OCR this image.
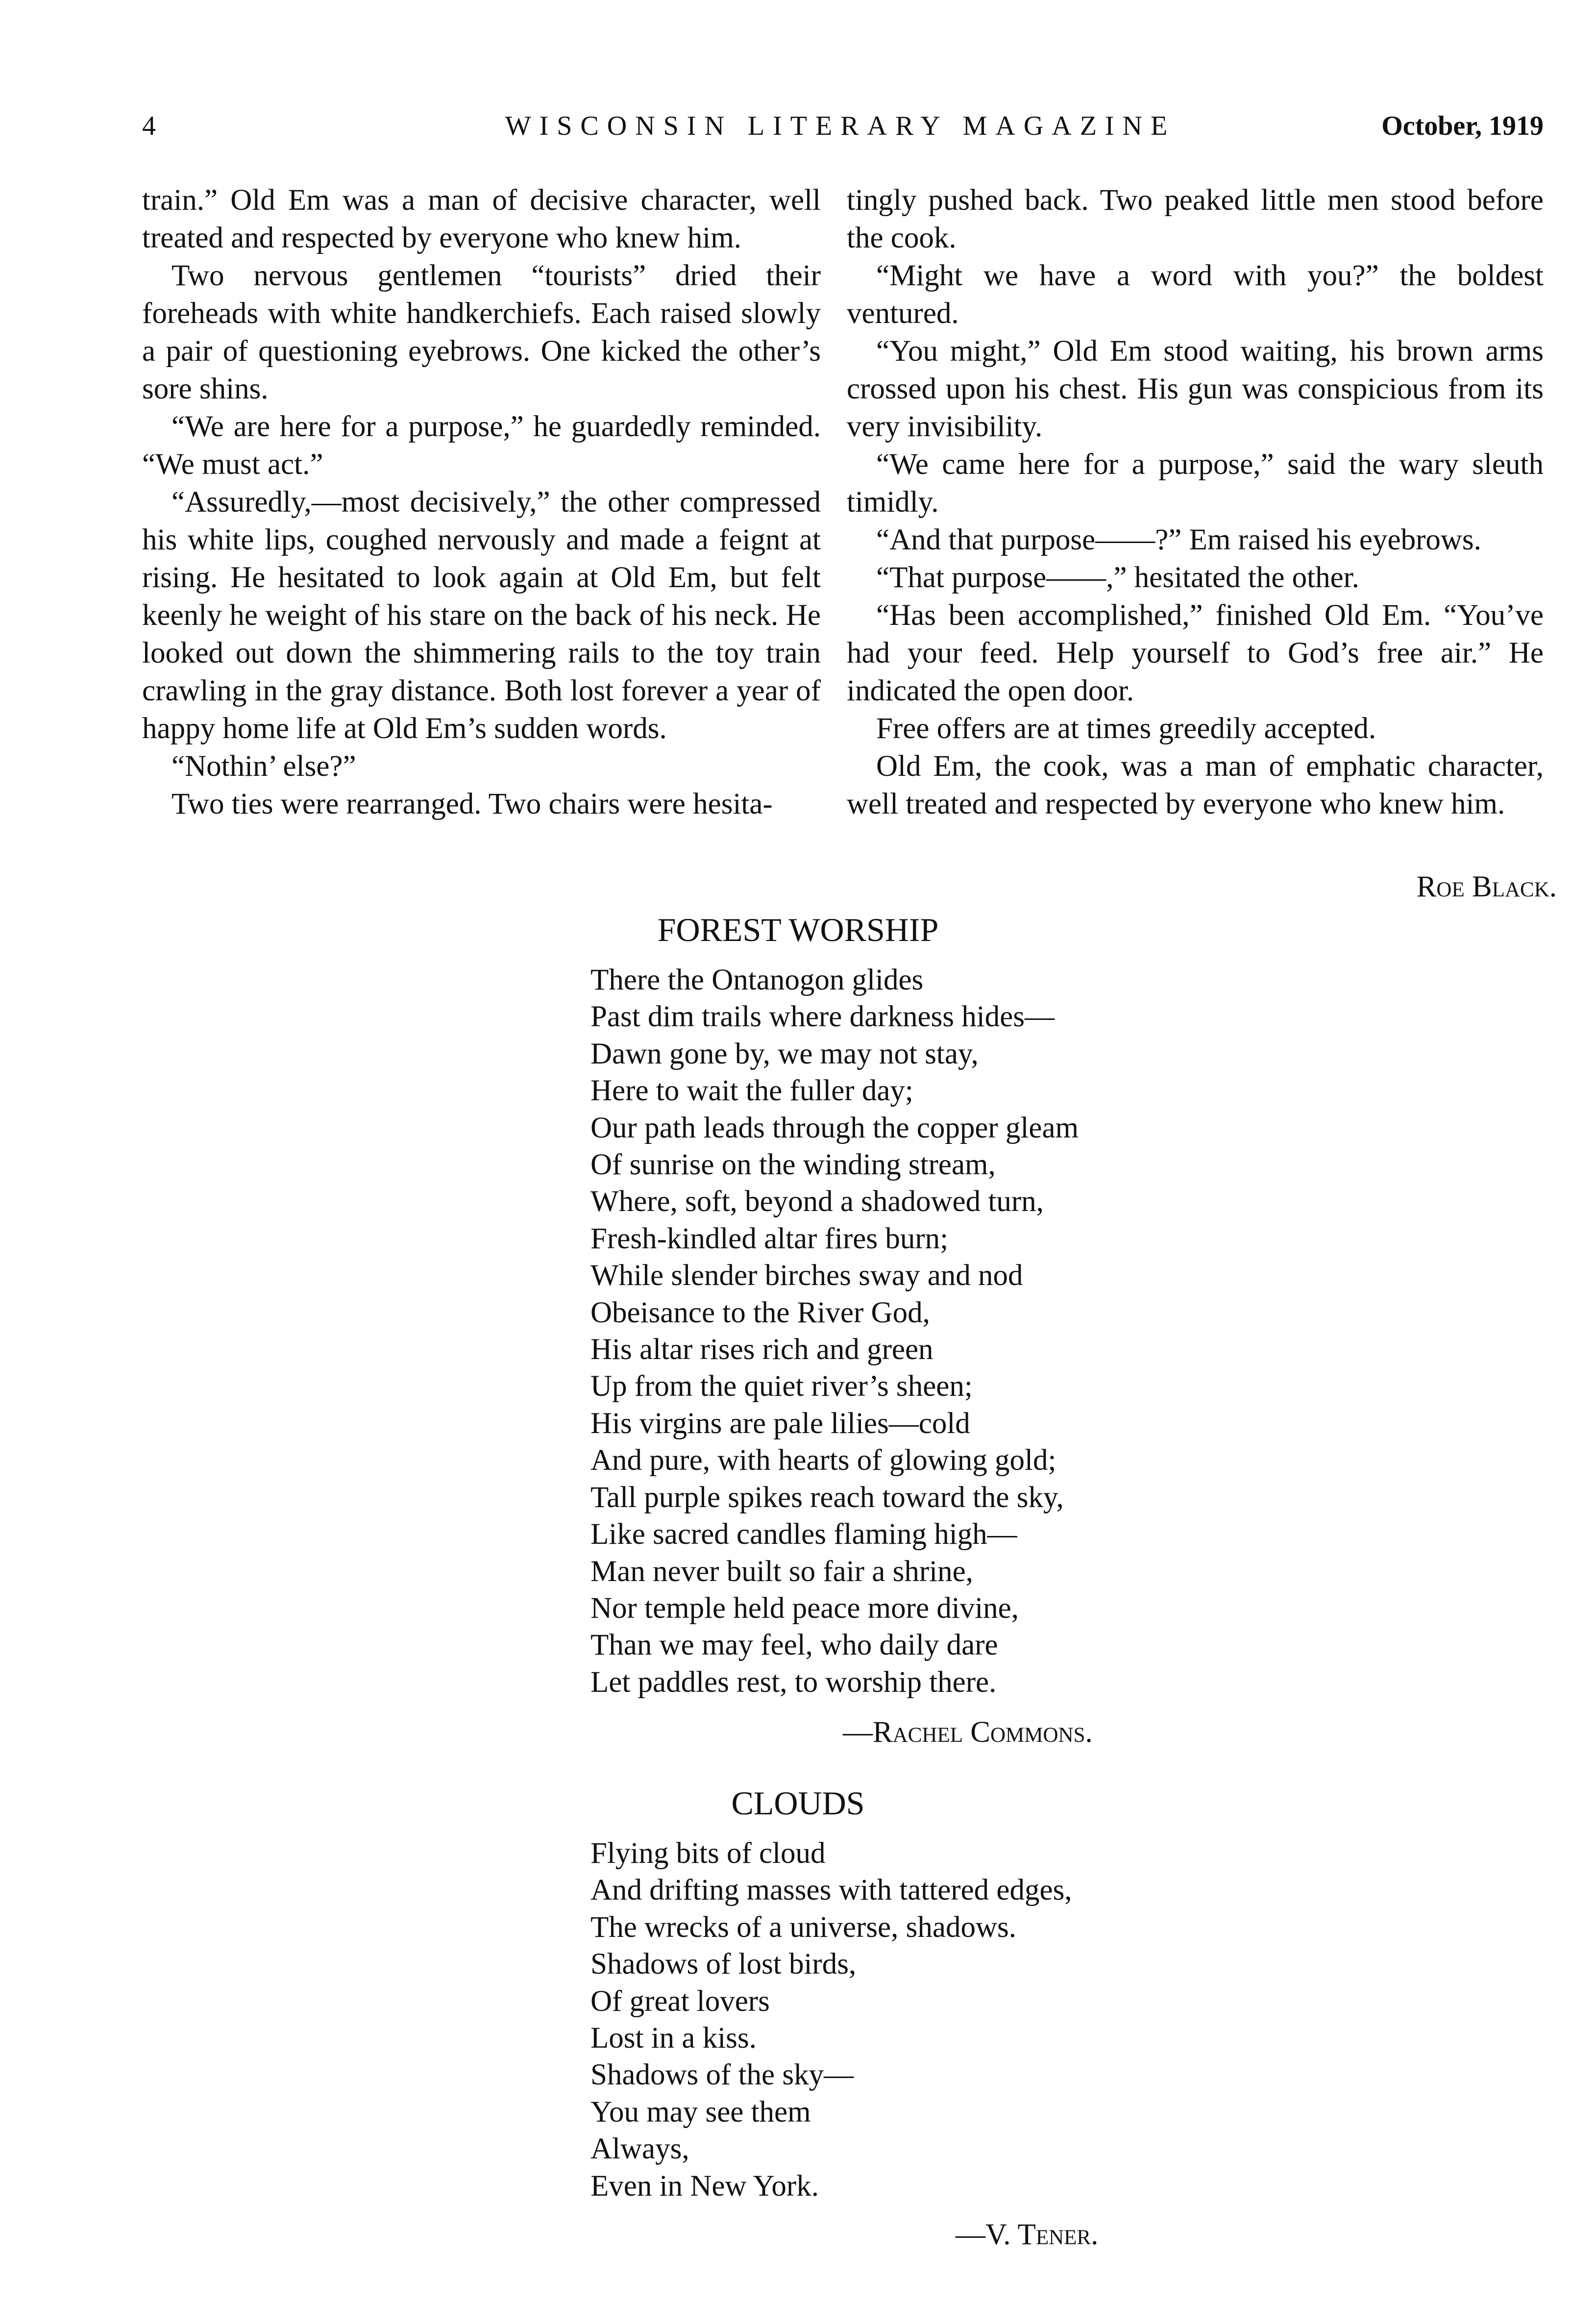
4	WISCONSIN LITERARY MAGAZINE	October, 1919

train.” Old Em was a man of decisive character, well treated and respected by everyone who knew him.

Two nervous gentlemen “tourists” dried their foreheads with white handkerchiefs. Each raised slowly a pair of questioning eyebrows. One kicked the other’s sore shins.

“We are here for a purpose,” he guardedly reminded. “We must act.”

“Assuredly,—most decisively,” the other compressed his white lips, coughed nervously and made a feignt at rising. He hesitated to look again at Old Em, but felt keenly he weight of his stare on the back of his neck. He looked out down the shimmering rails to the toy train crawling in the gray distance. Both lost forever a year of happy home life at Old Em’s sudden words.

“Nothin’ else?”

Two ties were rearranged. Two chairs were hesita-

tingly pushed back. Two peaked little men stood before the cook.

“Might we have a word with you?” the boldest ventured.

“You might,” Old Em stood waiting, his brown arms crossed upon his chest. His gun was conspicious from its very invisibility.

“We came here for a purpose,” said the wary sleuth timidly.

“And that purpose——?” Em raised his eyebrows.

“That purpose——,” hesitated the other.

“Has been accomplished,” finished Old Em. “You’ve had your feed. Help yourself to God’s free air.” He indicated the open door.

Free offers are at times greedily accepted.

Old Em, the cook, was a man of emphatic character, well treated and respected by everyone who knew him.

Roe Black.
FOREST WORSHIP
There the Ontanogon glides
Past dim trails where darkness hides—
Dawn gone by, we may not stay,
Here to wait the fuller day;
Our path leads through the copper gleam
Of sunrise on the winding stream,
Where, soft, beyond a shadowed turn,
Fresh-kindled altar fires burn;
While slender birches sway and nod
Obeisance to the River God,
His altar rises rich and green
Up from the quiet river’s sheen;
His virgins are pale lilies—cold
And pure, with hearts of glowing gold;
Tall purple spikes reach toward the sky,
Like sacred candles flaming high—
Man never built so fair a shrine,
Nor temple held peace more divine,
Than we may feel, who daily dare
Let paddles rest, to worship there.
—Rachel Commons.
CLOUDS
Flying bits of cloud
And drifting masses with tattered edges,
The wrecks of a universe, shadows.
Shadows of lost birds,
Of great lovers
Lost in a kiss.
Shadows of the sky—
You may see them
Always,
Even in New York.
—V. Tener.
